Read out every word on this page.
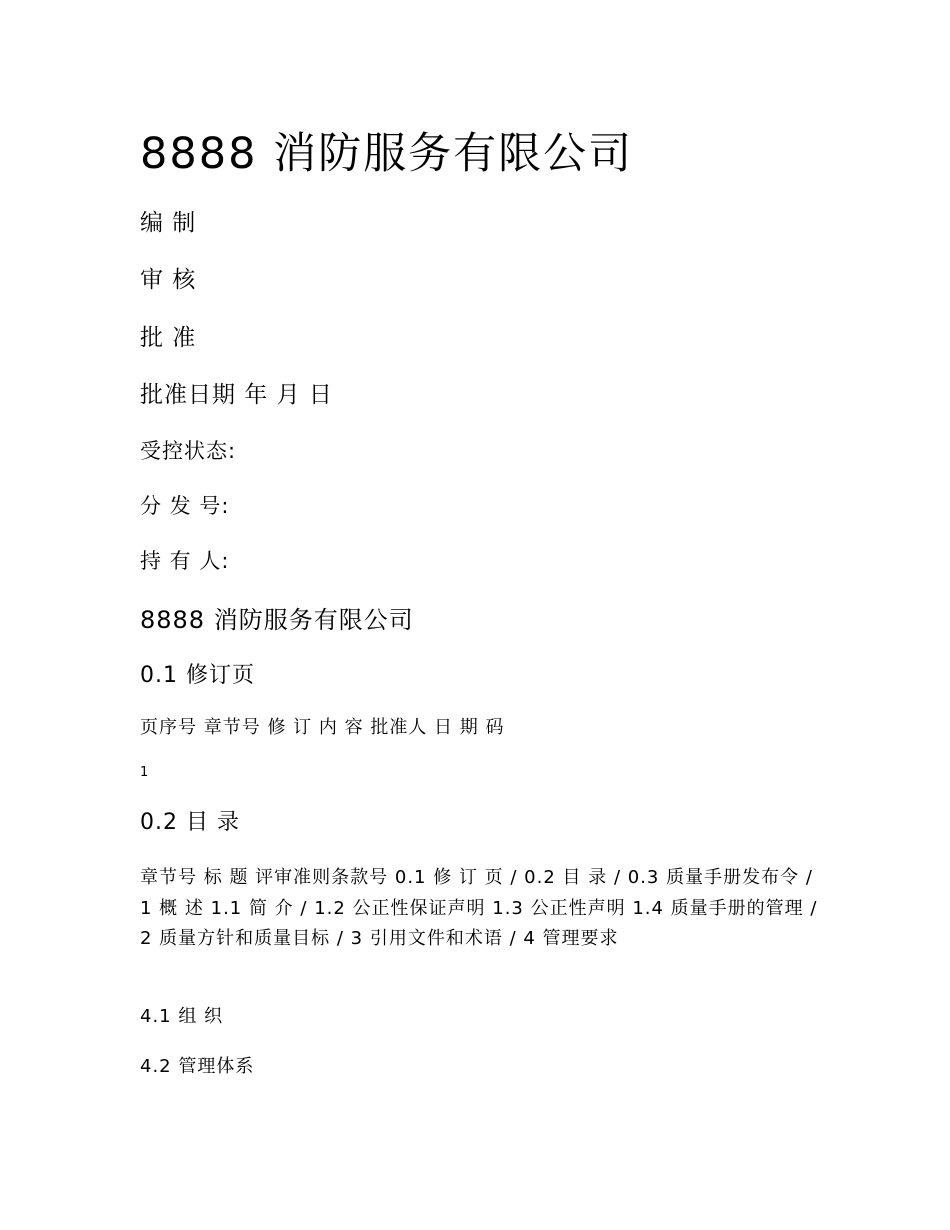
8888 消防服务有限公司
编 制
审 核
批 准
批准日期 年 月 日
受控状态:
分 发 号:
持 有 人:
8888 消防服务有限公司
0.1 修订页
页序号 章节号 修 订 内 容 批准人 日 期 码
1
0.2 目 录
章节号 标 题 评审准则条款号 0.1 修 订 页 / 0.2 目 录 / 0.3 质量手册发布令 / 1 概 述 1.1 简 介 / 1.2 公正性保证声明 1.3 公正性声明 1.4 质量手册的管理 / 2 质量方针和质量目标 / 3 引用文件和术语 / 4 管理要求
4.1 组 织
4.2 管理体系
